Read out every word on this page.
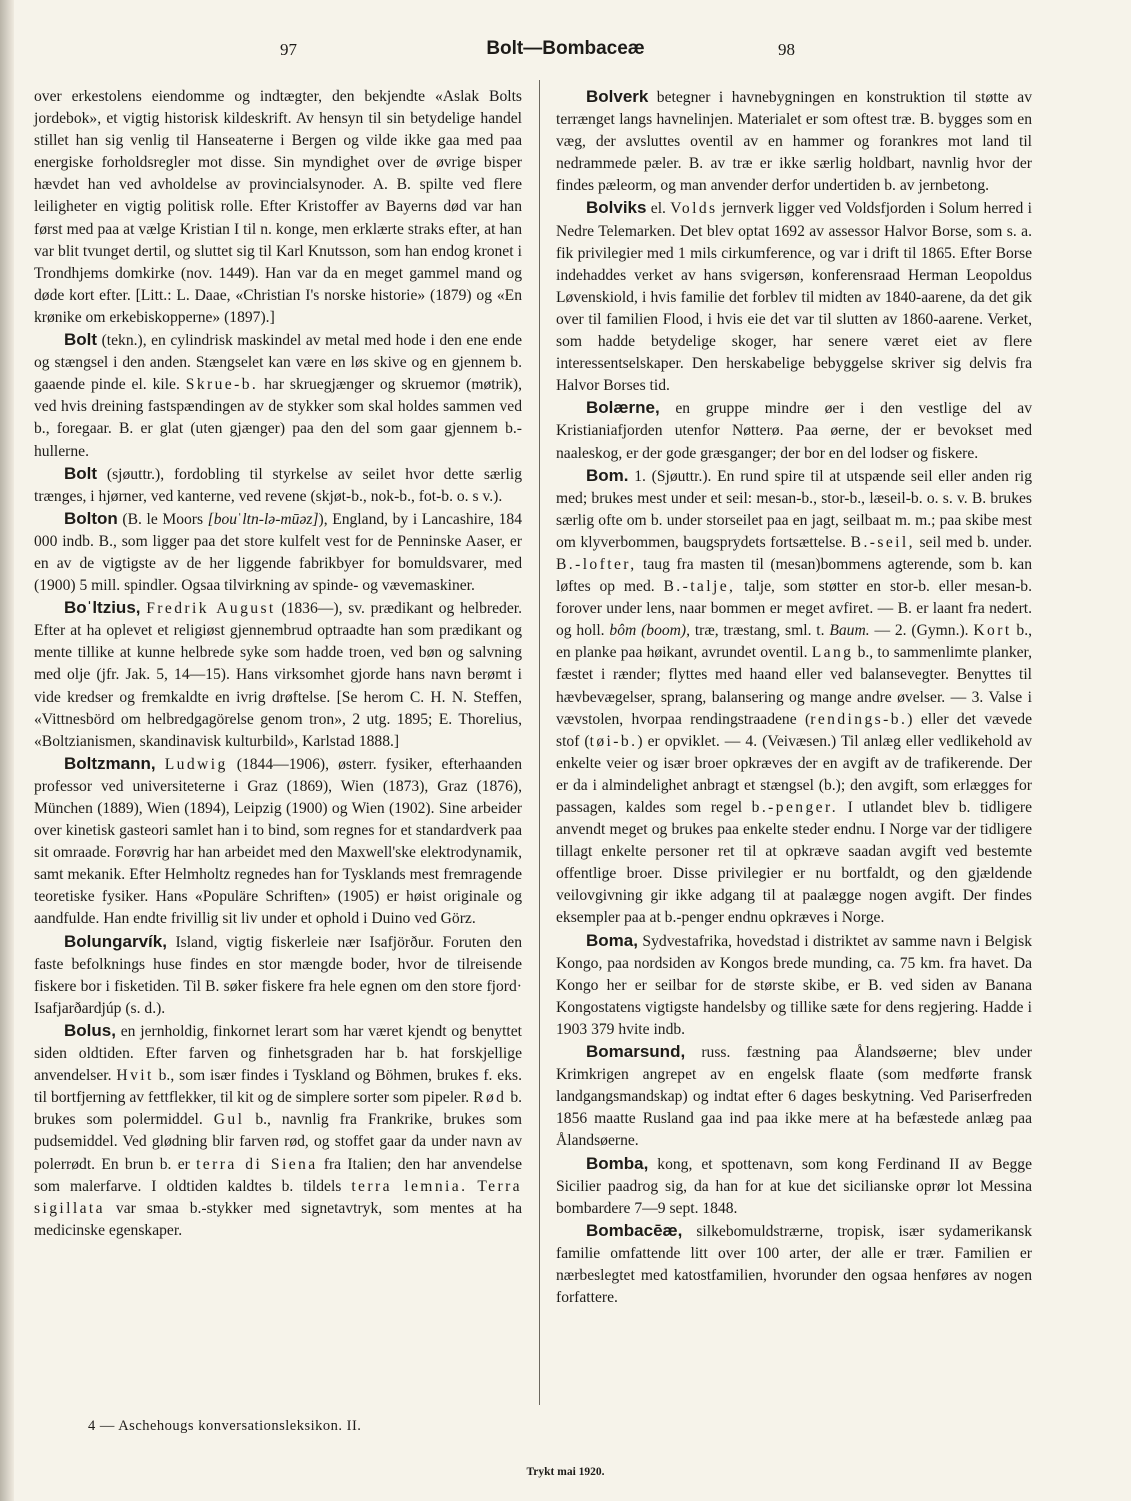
97	Bolt—Bombaceæ	98

over erkestolens eiendomme og indtægter, den bekjendte «Aslak Bolts jordebok», et vigtig historisk kildeskrift. Av hensyn til sin betydelige handel stillet han sig venlig til Hanseaterne i Bergen og vilde ikke gaa med paa energiske forholdsregler mot disse. Sin myndighet over de øvrige bisper hævdet han ved avholdelse av provincialsynoder. A. B. spilte ved flere leiligheter en vigtig politisk rolle. Efter Kristoffer av Bayerns død var han først med paa at vælge Kristian I til n. konge, men erklærte straks efter, at han var blit tvunget dertil, og sluttet sig til Karl Knutsson, som han endog kronet i Trondhjems domkirke (nov. 1449). Han var da en meget gammel mand og døde kort efter. [Litt.: L. Daae, «Christian I's norske historie» (1879) og «En krønike om erkebiskopperne» (1897).]

Bolt (tekn.), en cylindrisk maskindel av metal med hode i den ene ende og stængsel i den anden. Stængselet kan være en løs skive og en gjennem b. gaaende pinde el. kile. Skrue-b. har skruegjænger og skruemor (møtrik), ved hvis dreining fastspændingen av de stykker som skal holdes sammen ved b., foregaar. B. er glat (uten gjænger) paa den del som gaar gjennem b.-hullerne.

Bolt (sjøuttr.), fordobling til styrkelse av seilet hvor dette særlig trænges, i hjørner, ved kanterne, ved revene (skjøt-b., nok-b., fot-b. o. s v.).

Bolton (B. le Moors [bouˈltn-lə-mūəz]), England, by i Lancashire, 184 000 indb. B., som ligger paa det store kulfelt vest for de Penninske Aaser, er en av de vigtigste av de her liggende fabrikbyer for bomuldsvarer, med (1900) 5 mill. spindler. Ogsaa tilvirkning av spinde- og vævemaskiner.

Boˈltzius, Fredrik August (1836—), sv. prædikant og helbreder. Efter at ha oplevet et religiøst gjennembrud optraadte han som prædikant og mente tillike at kunne helbrede syke som hadde troen, ved bøn og salvning med olje (jfr. Jak. 5, 14—15). Hans virksomhet gjorde hans navn berømt i vide kredser og fremkaldte en ivrig drøftelse. [Se herom C. H. N. Steffen, «Vittnesbörd om helbredgagörelse genom tron», 2 utg. 1895; E. Thorelius, «Boltzianismen, skandinavisk kulturbild», Karlstad 1888.]

Boltzmann, Ludwig (1844—1906), østerr. fysiker, efterhaanden professor ved universiteterne i Graz (1869), Wien (1873), Graz (1876), München (1889), Wien (1894), Leipzig (1900) og Wien (1902). Sine arbeider over kinetisk gasteori samlet han i to bind, som regnes for et standardverk paa sit omraade. Forøvrig har han arbeidet med den Maxwell'ske elektrodynamik, samt mekanik. Efter Helmholtz regnedes han for Tysklands mest fremragende teoretiske fysiker. Hans «Populäre Schriften» (1905) er høist originale og aandfulde. Han endte frivillig sit liv under et ophold i Duino ved Görz.

Bolungarvík, Island, vigtig fiskerleie nær Isafjörður. Foruten den faste befolknings huse findes en stor mængde boder, hvor de tilreisende fiskere bor i fisketiden. Til B. søker fiskere fra hele egnen om den store fjord· Isafjarðardjúp (s. d.).

Bolus, en jernholdig, finkornet lerart som har været kjendt og benyttet siden oldtiden. Efter farven og finhetsgraden har b. hat forskjellige anvendelser. Hvit b., som især findes i Tyskland og Böhmen, brukes f. eks. til bortfjerning av fettflekker, til kit og de simplere sorter som pipeler. Rød b. brukes som polermiddel. Gul b., navnlig fra Frankrike, brukes som pudsemiddel. Ved glødning blir farven rød, og stoffet gaar da under navn av polerrødt. En brun b. er terra di Siena fra Italien; den har anvendelse som malerfarve. I oldtiden kaldtes b. tildels terra lemnia. Terra sigillata var smaa b.-stykker med signetavtryk, som mentes at ha medicinske egenskaper.

Bolverk betegner i havnebygningen en konstruktion til støtte av terrænget langs havnelinjen. Materialet er som oftest træ. B. bygges som en væg, der avsluttes oventil av en hammer og forankres mot land til nedrammede pæler. B. av træ er ikke særlig holdbart, navnlig hvor der findes pæleorm, og man anvender derfor undertiden b. av jernbetong.

Bolviks el. Volds jernverk ligger ved Voldsfjorden i Solum herred i Nedre Telemarken. Det blev optat 1692 av assessor Halvor Borse, som s. a. fik privilegier med 1 mils cirkumference, og var i drift til 1865. Efter Borse indehaddes verket av hans svigersøn, konferensraad Herman Leopoldus Løvenskiold, i hvis familie det forblev til midten av 1840-aarene, da det gik over til familien Flood, i hvis eie det var til slutten av 1860-aarene. Verket, som hadde betydelige skoger, har senere været eiet av flere interessentselskaper. Den herskabelige bebyggelse skriver sig delvis fra Halvor Borses tid.

Bolærne, en gruppe mindre øer i den vestlige del av Kristianiafjorden utenfor Nøtterø. Paa øerne, der er bevokset med naaleskog, er der gode græsganger; der bor en del lodser og fiskere.

Bom. 1. (Sjøuttr.). En rund spire til at utspænde seil eller anden rig med; brukes mest under et seil: mesan-b., stor-b., læseil-b. o. s. v. B. brukes særlig ofte om b. under storseilet paa en jagt, seilbaat m. m.; paa skibe mest om klyverbommen, baugsprydets fortsættelse. B.-seil, seil med b. under. B.-lofter, taug fra masten til (mesan)bommens agterende, som b. kan løftes op med. B.-talje, talje, som støtter en stor-b. eller mesan-b. forover under lens, naar bommen er meget avfiret. — B. er laant fra nedert. og holl. bôm (boom), træ, træstang, sml. t. Baum. — 2. (Gymn.). Kort b., en planke paa høikant, avrundet oventil. Lang b., to sammenlimte planker, fæstet i rænder; flyttes med haand eller ved balansevegter. Benyttes til hævbevægelser, sprang, balansering og mange andre øvelser. — 3. Valse i vævstolen, hvorpaa rendingstraadene (rendings-b.) eller det vævede stof (tøi-b.) er opviklet. — 4. (Veivæsen.) Til anlæg eller vedlikehold av enkelte veier og især broer opkræves der en avgift av de trafikerende. Der er da i almindelighet anbragt et stængsel (b.); den avgift, som erlægges for passagen, kaldes som regel b.-penger. I utlandet blev b. tidligere anvendt meget og brukes paa enkelte steder endnu. I Norge var der tidligere tillagt enkelte personer ret til at opkræve saadan avgift ved bestemte offentlige broer. Disse privilegier er nu bortfaldt, og den gjældende veilovgivning gir ikke adgang til at paalægge nogen avgift. Der findes eksempler paa at b.-penger endnu opkræves i Norge.

Boma, Sydvestafrika, hovedstad i distriktet av samme navn i Belgisk Kongo, paa nordsiden av Kongos brede munding, ca. 75 km. fra havet. Da Kongo her er seilbar for de største skibe, er B. ved siden av Banana Kongostatens vigtigste handelsby og tillike sæte for dens regjering. Hadde i 1903 379 hvite indb.

Bomarsund, russ. fæstning paa Ålandsøerne; blev under Krimkrigen angrepet av en engelsk flaate (som medførte fransk landgangsmandskap) og indtat efter 6 dages beskytning. Ved Pariserfreden 1856 maatte Rusland gaa ind paa ikke mere at ha befæstede anlæg paa Ålandsøerne.

Bomba, kong, et spottenavn, som kong Ferdinand II av Begge Sicilier paadrog sig, da han for at kue det sicilianske oprør lot Messina bombardere 7—9 sept. 1848.

Bombacēæ, silkebomuldstrærne, tropisk, især sydamerikansk familie omfattende litt over 100 arter, der alle er trær. Familien er nærbeslegtet med katostfamilien, hvorunder den ogsaa henføres av nogen forfattere.

4 — Aschehougs konversationsleksikon. II.
Trykt mai 1920.
